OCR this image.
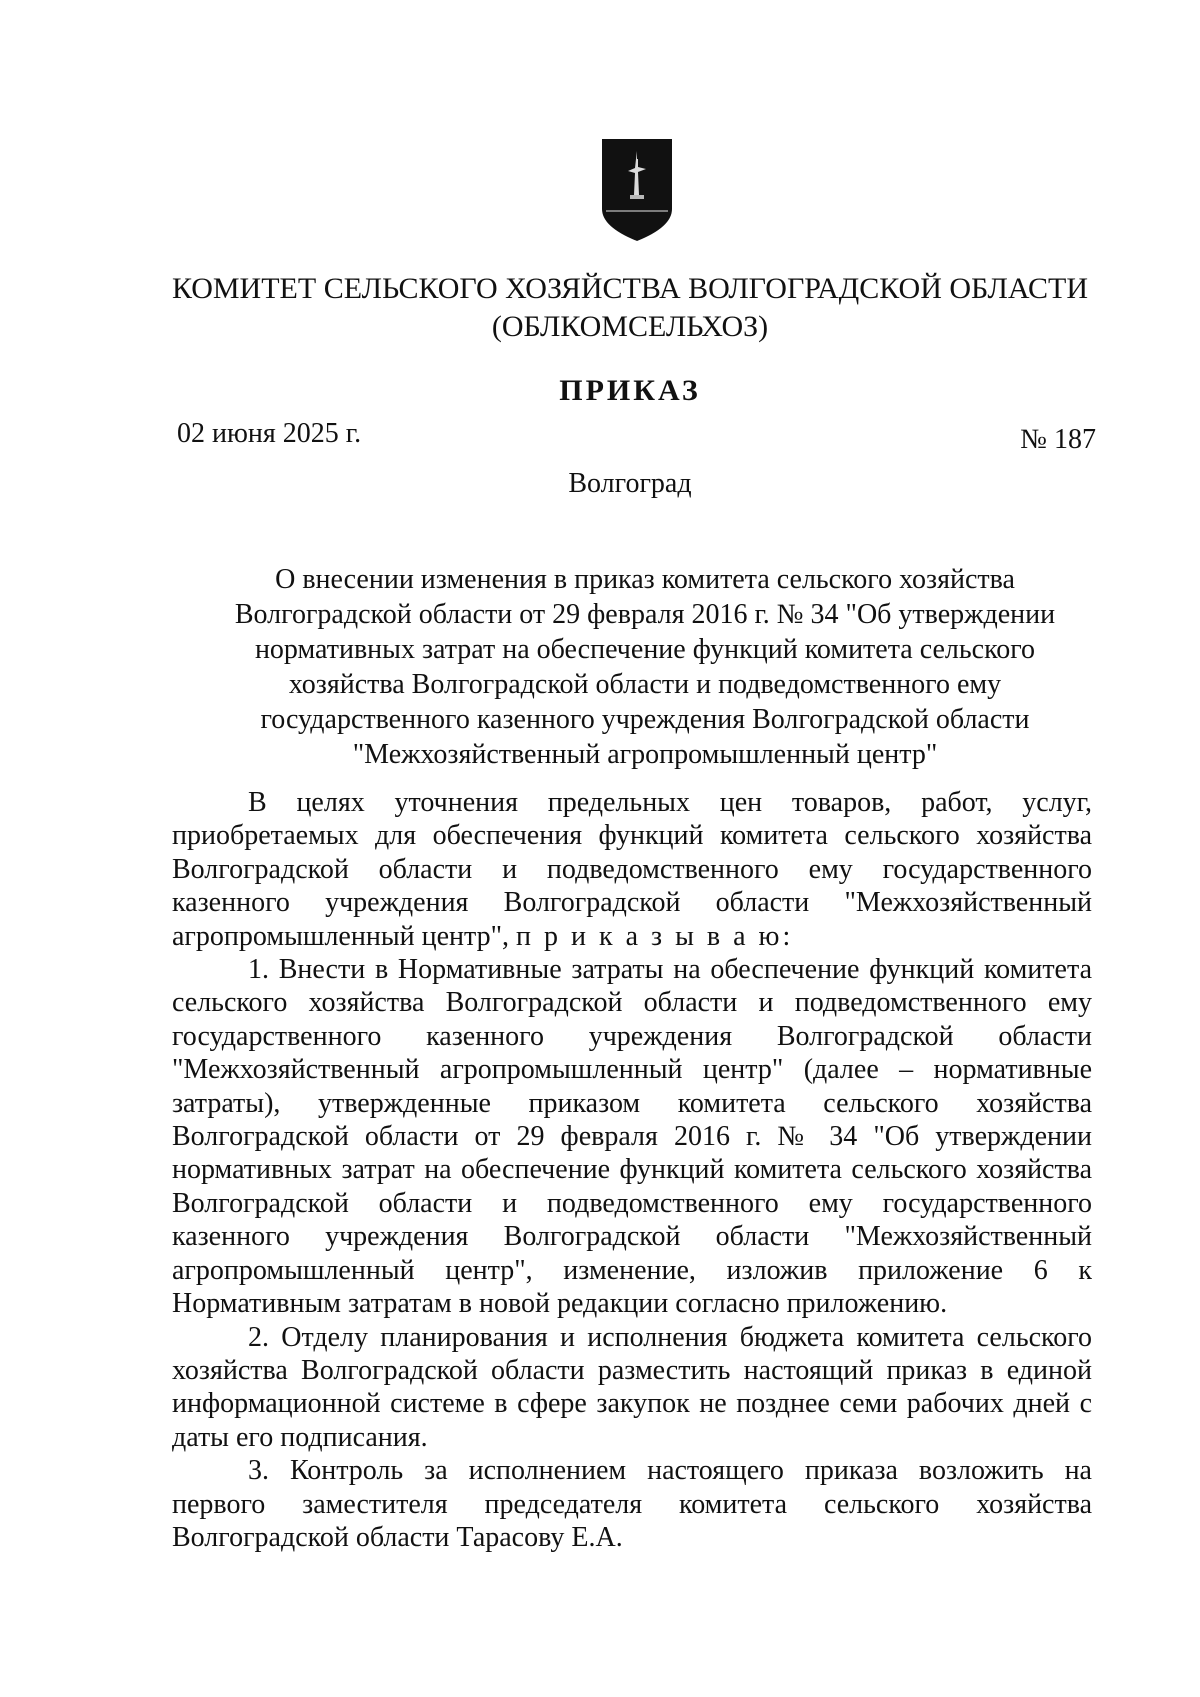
КОМИТЕТ СЕЛЬСКОГО ХОЗЯЙСТВА ВОЛГОГРАДСКОЙ ОБЛАСТИ
(ОБЛКОМСЕЛЬХОЗ)
ПРИКАЗ
02 июня 2025 г.	№ 187
Волгоград
О внесении изменения в приказ комитета сельского хозяйства Волгоградской области от 29 февраля 2016 г. № 34 "Об утверждении нормативных затрат на обеспечение функций комитета сельского хозяйства Волгоградской области и подведомственного ему государственного казенного учреждения Волгоградской области "Межхозяйственный агропромышленный центр"

В целях уточнения предельных цен товаров, работ, услуг, приобретаемых для обеспечения функций комитета сельского хозяйства Волгоградской области и подведомственного ему государственного казенного учреждения Волгоградской области "Межхозяйственный агропромышленный центр", п р и к а з ы в а ю:

1. Внести в Нормативные затраты на обеспечение функций комитета сельского хозяйства Волгоградской области и подведомственного ему государственного казенного учреждения Волгоградской области "Межхозяйственный агропромышленный центр" (далее – нормативные затраты), утвержденные приказом комитета сельского хозяйства Волгоградской области от 29 февраля 2016 г. № 34 "Об утверждении нормативных затрат на обеспечение функций комитета сельского хозяйства Волгоградской области и подведомственного ему государственного казенного учреждения Волгоградской области "Межхозяйственный агропромышленный центр", изменение, изложив приложение 6 к Нормативным затратам в новой редакции согласно приложению.

2. Отделу планирования и исполнения бюджета комитета сельского хозяйства Волгоградской области разместить настоящий приказ в единой информационной системе в сфере закупок не позднее семи рабочих дней с даты его подписания.

3. Контроль за исполнением настоящего приказа возложить на первого заместителя председателя комитета сельского хозяйства Волгоградской области Тарасову Е.А.
